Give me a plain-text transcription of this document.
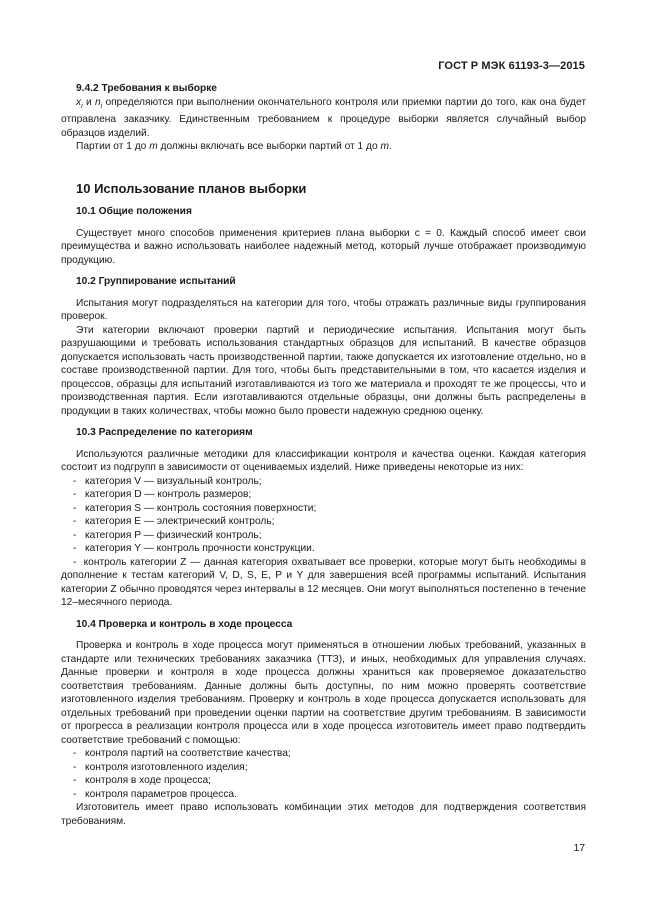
ГОСТ Р МЭК 61193-3—2015
9.4.2 Требования к выборке

$x_i$ и $n_i$ определяются при выполнении окончательного контроля или приемки партии до того, как она будет отправлена заказчику. Единственным требованием к процедуре выборки является случайный выбор образцов изделий.

Партии от 1 до m должны включать все выборки партий от 1 до m.

10 Использование планов выборки
10.1 Общие положения

Существует много способов применения критериев плана выборки с = 0. Каждый способ имеет свои преимущества и важно использовать наиболее надежный метод, который лучше отображает производимую продукцию.

10.2 Группирование испытаний

Испытания могут подразделяться на категории для того, чтобы отражать различные виды группирования проверок.

Эти категории включают проверки партий и периодические испытания. Испытания могут быть разрушающими и требовать использования стандартных образцов для испытаний. В качестве образцов допускается использовать часть производственной партии, также допускается их изготовление отдельно, но в составе производственной партии. Для того, чтобы быть представительными в том, что касается изделия и процессов, образцы для испытаний изготавливаются из того же материала и проходят те же процессы, что и производственная партия. Если изготавливаются отдельные образцы, они должны быть распределены в продукции в таких количествах, чтобы можно было провести надежную среднюю оценку.

10.3 Распределение по категориям

Используются различные методики для классификации контроля и качества оценки. Каждая категория состоит из подгрупп в зависимости от оцениваемых изделий. Ниже приведены некоторые из них:

- категория V — визуальный контроль;
- категория D — контроль размеров;
- категория S — контроль состояния поверхности;
- категория E — электрический контроль;
- категория P — физический контроль;
- категория Y — контроль прочности конструкции.

-  контроль категории Z — данная категория охватывает все проверки, которые могут быть необходимы в дополнение к тестам категорий V, D, S, E, P и Y для завершения всей программы испытаний. Испытания категории Z обычно проводятся через интервалы в 12 месяцев. Они могут выполняться постепенно в течение 12–месячного периода.

10.4 Проверка и контроль в ходе процесса

Проверка и контроль в ходе процесса могут применяться в отношении любых требований, указанных в стандарте или технических требованиях заказчика (ТТЗ), и иных, необходимых для управления случаях. Данные проверки и контроля в ходе процесса должны храниться как проверяемое доказательство соответствия требованиям. Данные должны быть доступны, по ним можно проверять соответствие изготовленного изделия требованиям. Проверку и контроль в ходе процесса допускается использовать для отдельных требований при проведении оценки партии на соответствие другим требованиям. В зависимости от прогресса в реализации контроля процесса или в ходе процесса изготовитель имеет право подтвердить соответствие требований с помощью:

- контроля партий на соответствие качества;
- контроля изготовленного изделия;
- контроля в ходе процесса;
- контроля параметров процесса.

Изготовитель имеет право использовать комбинации этих методов для подтверждения соответствия требованиям.

17
